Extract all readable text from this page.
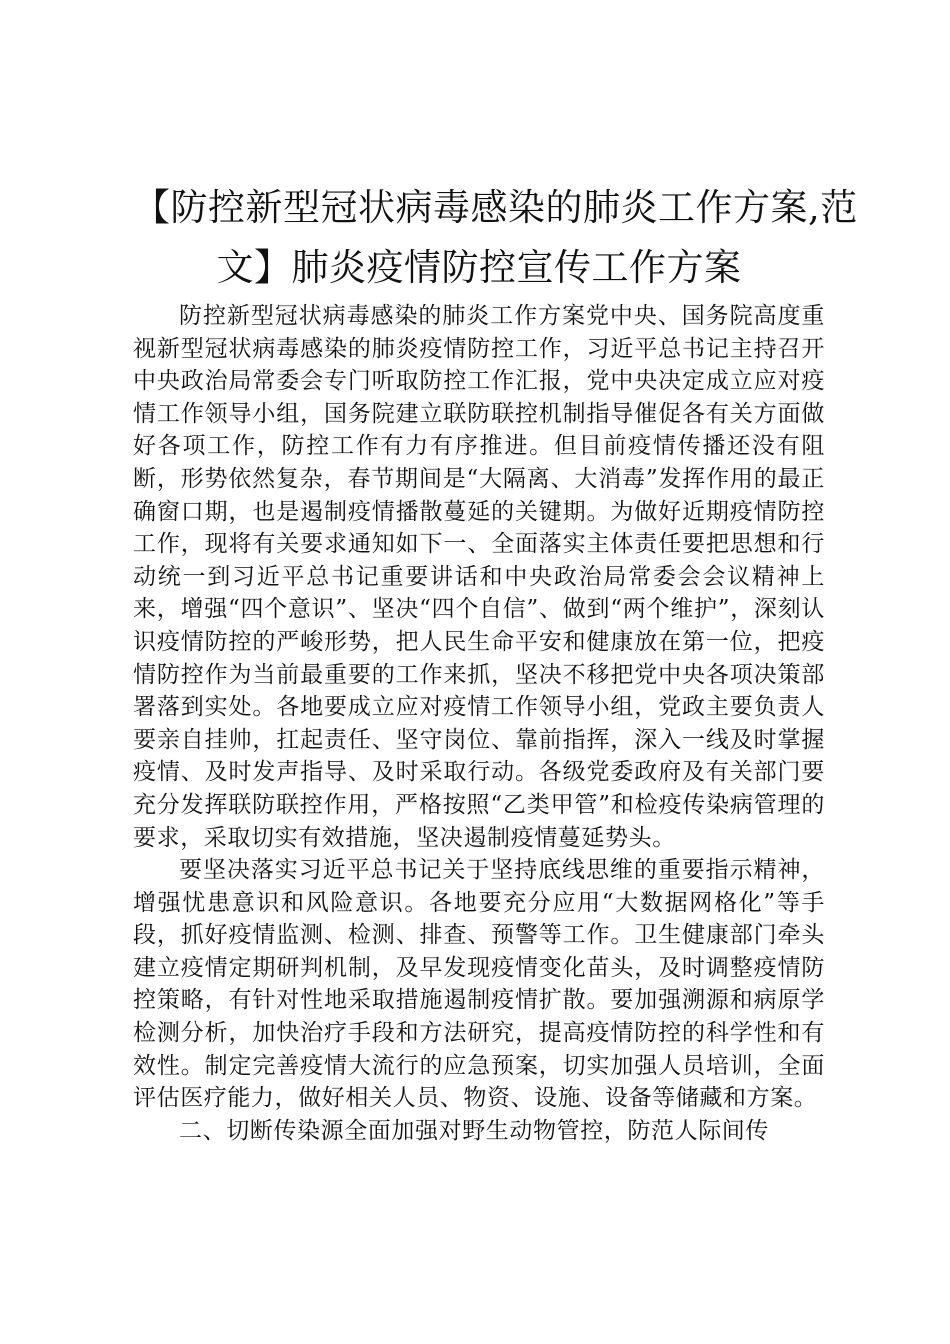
【防控新型冠状病毒感染的肺炎工作方案,范
文】肺炎疫情防控宣传工作方案

防控新型冠状病毒感染的肺炎工作方案党中央、国务院高度重视新型冠状病毒感染的肺炎疫情防控工作，习近平总书记主持召开中央政治局常委会专门听取防控工作汇报，党中央决定成立应对疫情工作领导小组，国务院建立联防联控机制指导催促各有关方面做好各项工作，防控工作有力有序推进。但目前疫情传播还没有阻断，形势依然复杂，春节期间是“大隔离、大消毒”发挥作用的最正确窗口期，也是遏制疫情播散蔓延的关键期。为做好近期疫情防控工作，现将有关要求通知如下一、全面落实主体责任要把思想和行动统一到习近平总书记重要讲话和中央政治局常委会会议精神上来，增强“四个意识”、坚决“四个自信”、做到“两个维护”，深刻认识疫情防控的严峻形势，把人民生命平安和健康放在第一位，把疫情防控作为当前最重要的工作来抓，坚决不移把党中央各项决策部署落到实处。各地要成立应对疫情工作领导小组，党政主要负责人要亲自挂帅，扛起责任、坚守岗位、靠前指挥，深入一线及时掌握疫情、及时发声指导、及时采取行动。各级党委政府及有关部门要充分发挥联防联控作用，严格按照“乙类甲管”和检疫传染病管理的要求，采取切实有效措施，坚决遏制疫情蔓延势头。

要坚决落实习近平总书记关于坚持底线思维的重要指示精神，增强忧患意识和风险意识。各地要充分应用“大数据网格化”等手段，抓好疫情监测、检测、排查、预警等工作。卫生健康部门牵头建立疫情定期研判机制，及早发现疫情变化苗头，及时调整疫情防控策略，有针对性地采取措施遏制疫情扩散。要加强溯源和病原学检测分析，加快治疗手段和方法研究，提高疫情防控的科学性和有效性。制定完善疫情大流行的应急预案，切实加强人员培训，全面评估医疗能力，做好相关人员、物资、设施、设备等储藏和方案。

二、切断传染源全面加强对野生动物管控，防范人际间传
